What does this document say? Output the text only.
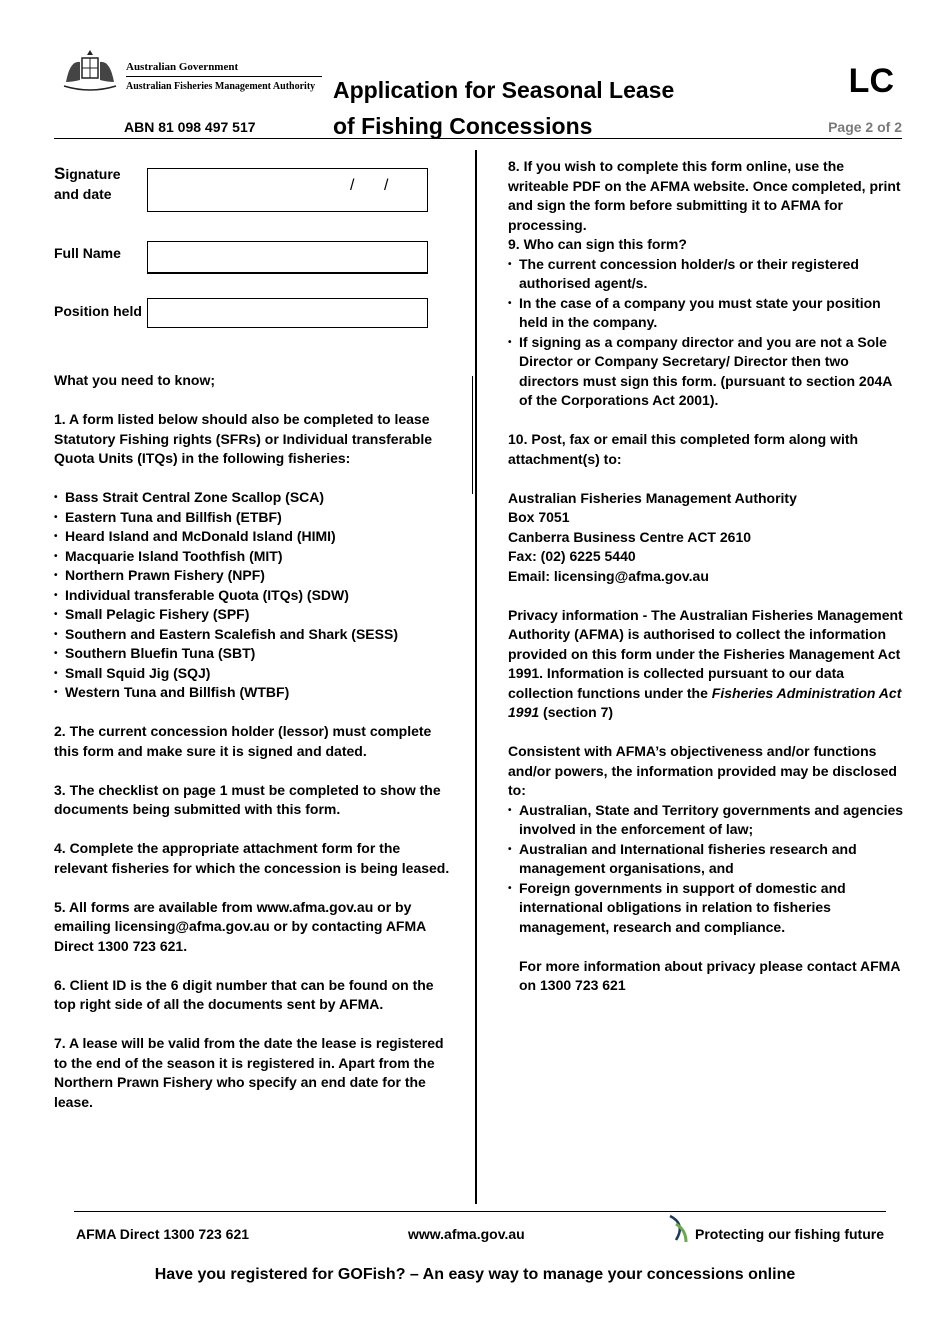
Australian Government
Australian Fisheries Management Authority Application for Seasonal Lease
of Fishing Concessions
LC
ABN 81 098 497 517	Page 2 of 2
Signature
and date	/ /
Full Name
Position held

What you need to know;

1. A form listed below should also be completed to lease Statutory Fishing rights (SFRs) or Individual transferable Quota Units (ITQs) in the following fisheries:

• Bass Strait Central Zone Scallop (SCA)
• Eastern Tuna and Billfish (ETBF)
• Heard Island and McDonald Island (HIMI)
• Macquarie Island Toothfish (MIT)
• Northern Prawn Fishery (NPF)
• Individual transferable Quota (ITQs) (SDW)
• Small Pelagic Fishery (SPF)
• Southern and Eastern Scalefish and Shark (SESS)
• Southern Bluefin Tuna (SBT)
• Small Squid Jig (SQJ)
• Western Tuna and Billfish (WTBF)

2. The current concession holder (lessor) must complete this form and make sure it is signed and dated.

3. The checklist on page 1 must be completed to show the documents being submitted with this form.

4. Complete the appropriate attachment form for the relevant fisheries for which the concession is being leased.

5. All forms are available from www.afma.gov.au or by emailing licensing@afma.gov.au or by contacting AFMA Direct 1300 723 621.

6. Client ID is the 6 digit number that can be found on the top right side of all the documents sent by AFMA.

7. A lease will be valid from the date the lease is registered to the end of the season it is registered in. Apart from the Northern Prawn Fishery who specify an end date for the lease.

8. If you wish to complete this form online, use the writeable PDF on the AFMA website. Once completed, print and sign the form before submitting it to AFMA for processing.

9. Who can sign this form?

• The current concession holder/s or their registered authorised agent/s.
• In the case of a company you must state your position held in the company.
• If signing as a company director and you are not a Sole Director or Company Secretary/ Director then two directors must sign this form. (pursuant to section 204A of the Corporations Act 2001).

10. Post, fax or email this completed form along with attachment(s) to:

Australian Fisheries Management Authority

Box 7051

Canberra Business Centre ACT 2610

Fax: (02) 6225 5440

Email: licensing@afma.gov.au

Privacy information - The Australian Fisheries Management Authority (AFMA) is authorised to collect the information provided on this form under the Fisheries Management Act 1991. Information is collected pursuant to our data collection functions under the Fisheries Administration Act 1991 (section 7)

Consistent with AFMA’s objectiveness and/or functions and/or powers, the information provided may be disclosed to:

• Australian, State and Territory governments and agencies involved in the enforcement of law;
• Australian and International fisheries research and management organisations, and
• Foreign governments in support of domestic and international obligations in relation to fisheries management, research and compliance.

For more information about privacy please contact AFMA on 1300 723 621

AFMA Direct 1300 723 621	www.afma.gov.au	Protecting our fishing future
Have you registered for GOFish? – An easy way to manage your concessions online
